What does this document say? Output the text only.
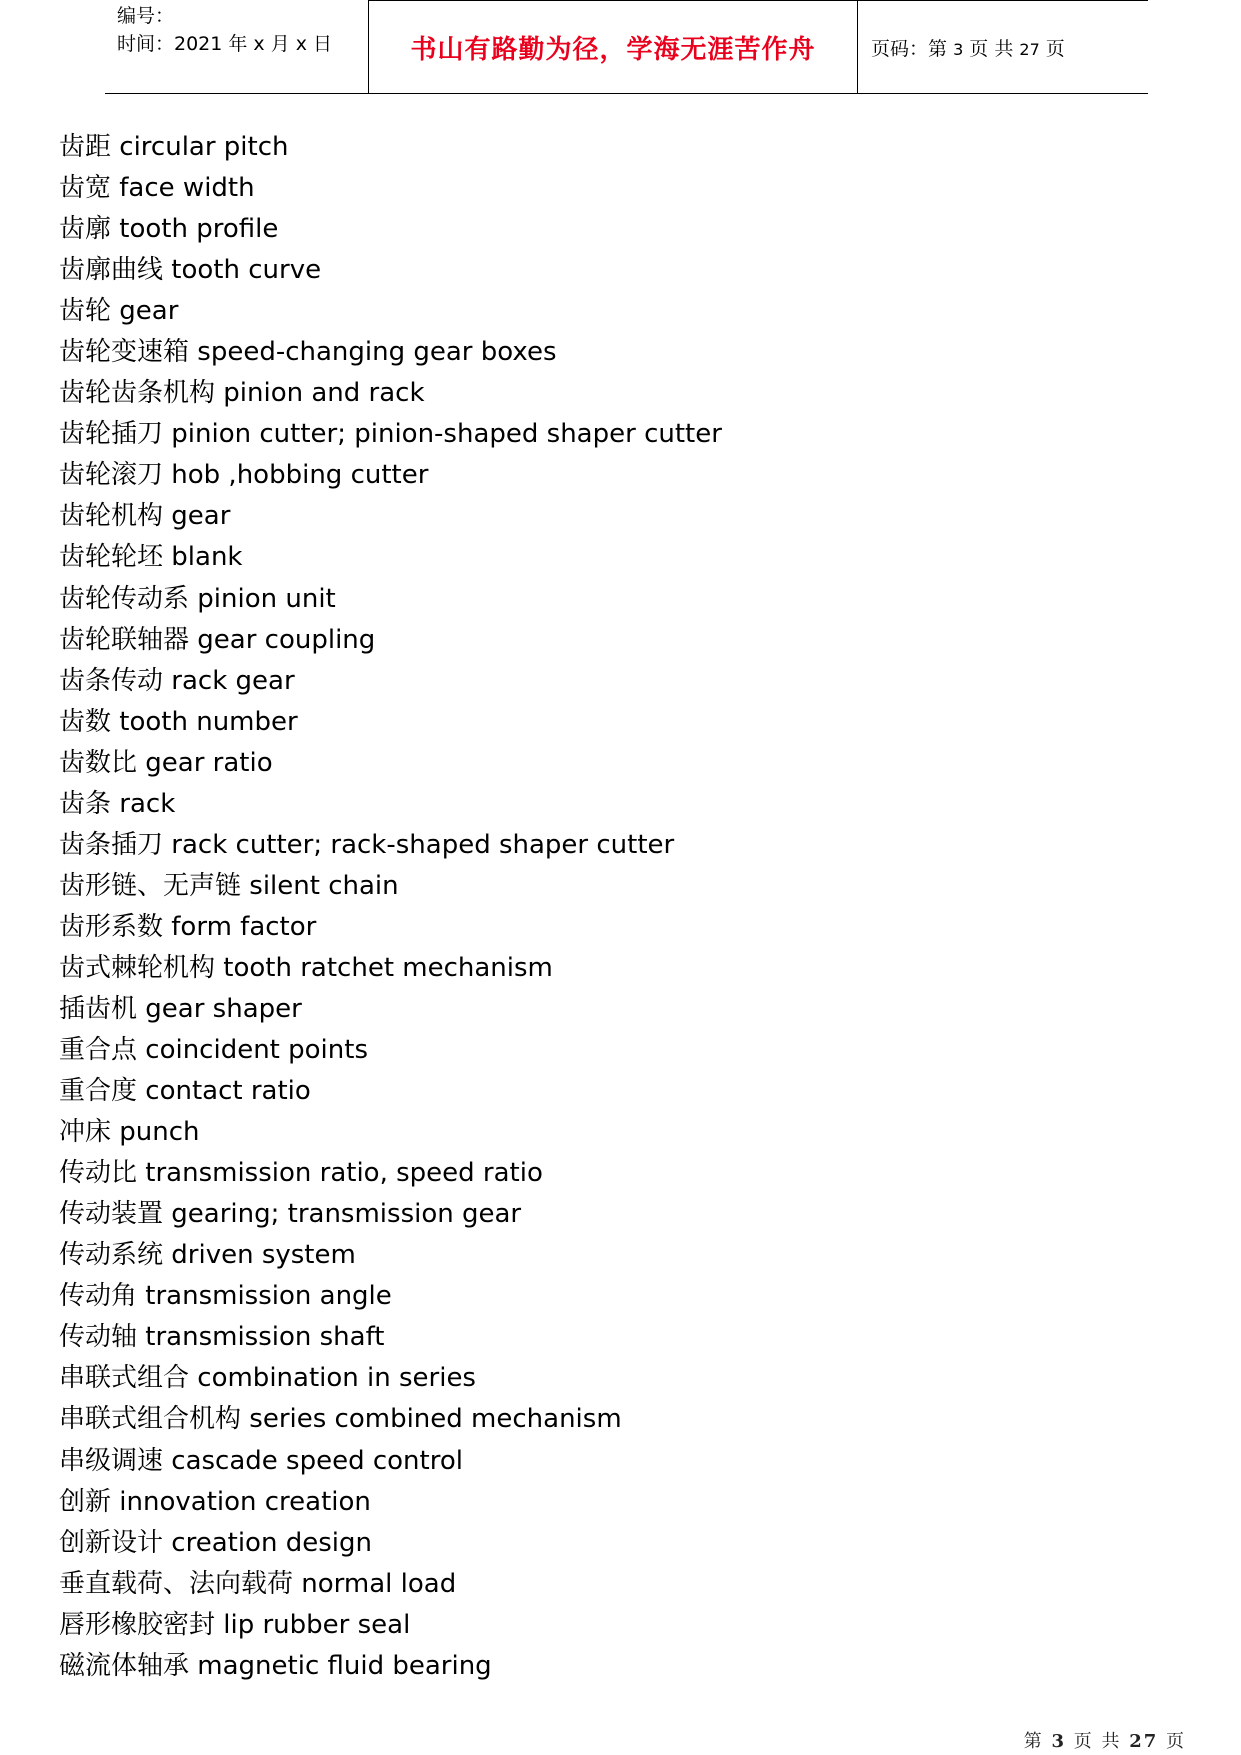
编号：
时间：2021 年 x 月 x 日	书山有路勤为径，学海无涯苦作舟	页码：第 3 页 共 27 页
齿距 circular pitch
齿宽 face width
齿廓 tooth profile
齿廓曲线 tooth curve
齿轮 gear
齿轮变速箱 speed-changing gear boxes
齿轮齿条机构 pinion and rack
齿轮插刀 pinion cutter; pinion-shaped shaper cutter
齿轮滚刀 hob ,hobbing cutter
齿轮机构 gear
齿轮轮坯 blank
齿轮传动系 pinion unit
齿轮联轴器 gear coupling
齿条传动 rack gear
齿数 tooth number
齿数比 gear ratio
齿条 rack
齿条插刀 rack cutter; rack-shaped shaper cutter
齿形链、无声链 silent chain
齿形系数 form factor
齿式棘轮机构 tooth ratchet mechanism
插齿机 gear shaper
重合点 coincident points
重合度 contact ratio
冲床 punch
传动比 transmission ratio, speed ratio
传动装置 gearing; transmission gear
传动系统 driven system
传动角 transmission angle
传动轴 transmission shaft
串联式组合 combination in series
串联式组合机构 series combined mechanism
串级调速 cascade speed control
创新 innovation creation
创新设计 creation design
垂直载荷、法向载荷 normal load
唇形橡胶密封 lip rubber seal
磁流体轴承 magnetic fluid bearing
第 3 页 共 27 页
